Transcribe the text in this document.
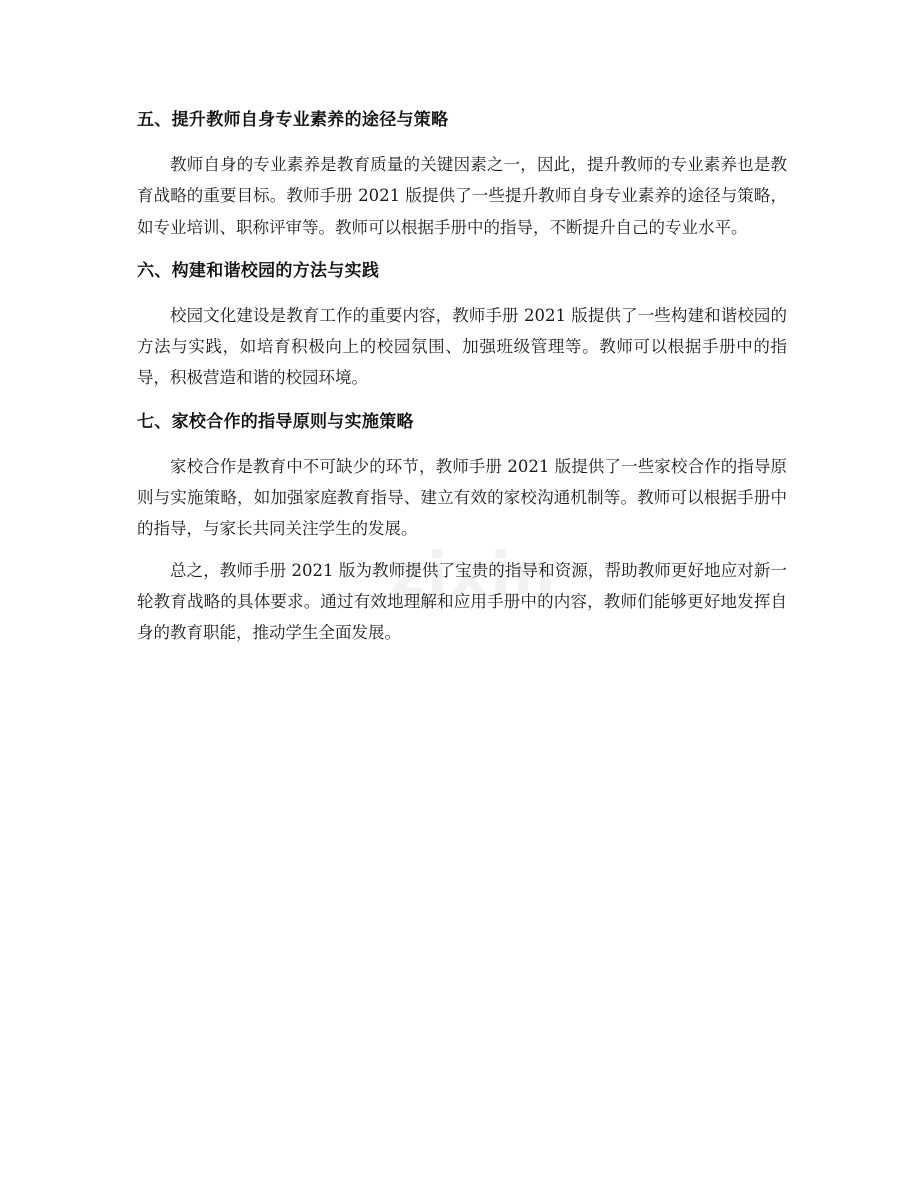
五、提升教师自身专业素养的途径与策略

教师自身的专业素养是教育质量的关键因素之一，因此，提升教师的专业素养也是教育战略的重要目标。教师手册 2021 版提供了一些提升教师自身专业素养的途径与策略，如专业培训、职称评审等。教师可以根据手册中的指导，不断提升自己的专业水平。

六、构建和谐校园的方法与实践

校园文化建设是教育工作的重要内容，教师手册 2021 版提供了一些构建和谐校园的方法与实践，如培育积极向上的校园氛围、加强班级管理等。教师可以根据手册中的指导，积极营造和谐的校园环境。

七、家校合作的指导原则与实施策略

家校合作是教育中不可缺少的环节，教师手册 2021 版提供了一些家校合作的指导原则与实施策略，如加强家庭教育指导、建立有效的家校沟通机制等。教师可以根据手册中的指导，与家长共同关注学生的发展。

总之，教师手册 2021 版为教师提供了宝贵的指导和资源，帮助教师更好地应对新一轮教育战略的具体要求。通过有效地理解和应用手册中的内容，教师们能够更好地发挥自身的教育职能，推动学生全面发展。

zixin
